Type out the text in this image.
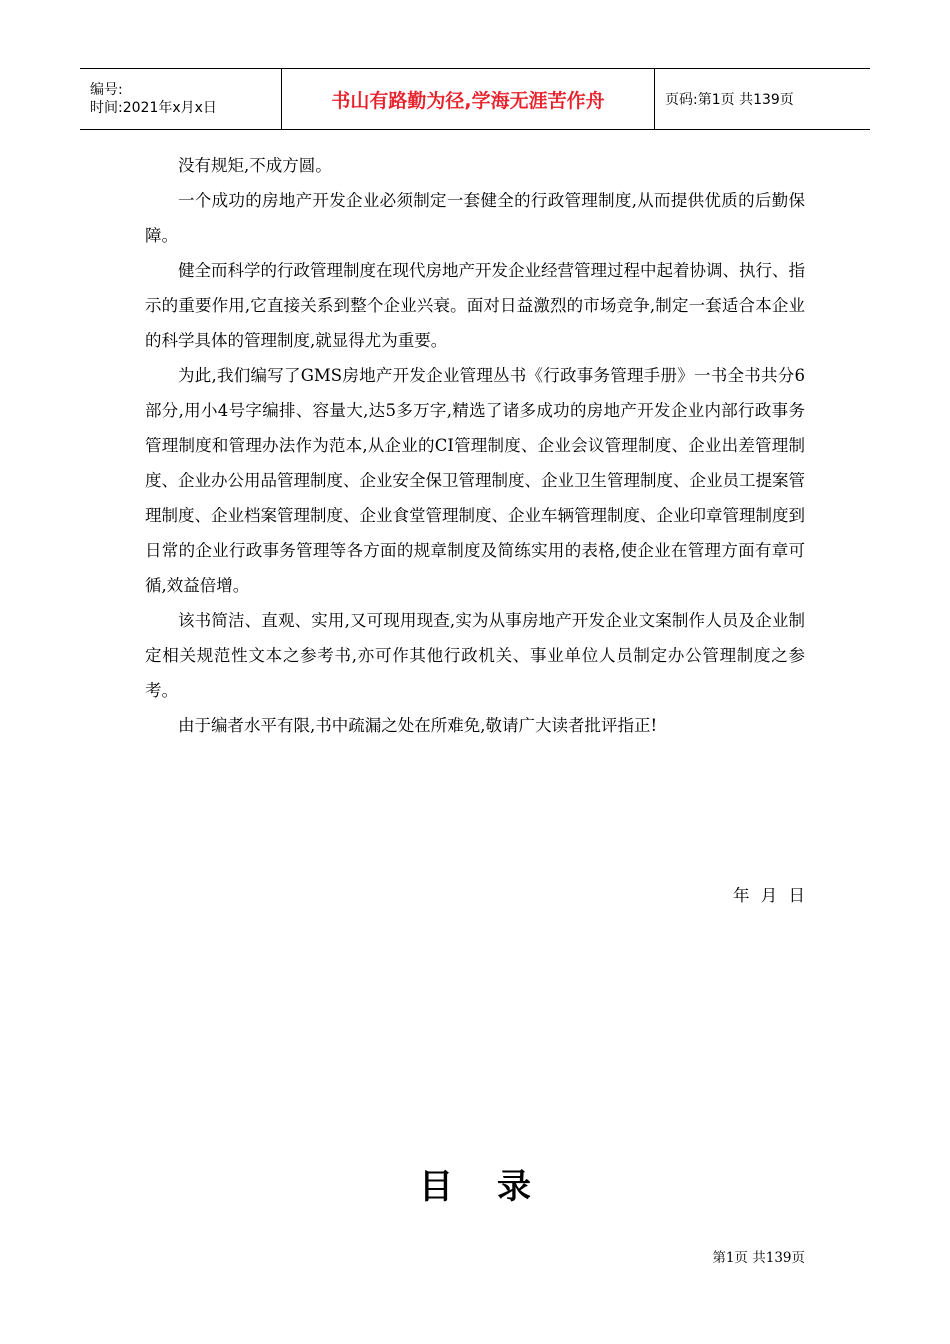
编号:
时间:2021年x月x日	书山有路勤为径,学海无涯苦作舟	页码:第1页 共139页

没有规矩,不成方圆。

一个成功的房地产开发企业必须制定一套健全的行政管理制度,从而提供优质的后勤保障。

健全而科学的行政管理制度在现代房地产开发企业经营管理过程中起着协调、执行、指示的重要作用,它直接关系到整个企业兴衰。面对日益激烈的市场竞争,制定一套适合本企业的科学具体的管理制度,就显得尤为重要。

为此,我们编写了GMS房地产开发企业管理丛书《行政事务管理手册》一书全书共分6部分,用小4号字编排、容量大,达5多万字,精选了诸多成功的房地产开发企业内部行政事务管理制度和管理办法作为范本,从企业的CI管理制度、企业会议管理制度、企业出差管理制度、企业办公用品管理制度、企业安全保卫管理制度、企业卫生管理制度、企业员工提案管理制度、企业档案管理制度、企业食堂管理制度、企业车辆管理制度、企业印章管理制度到日常的企业行政事务管理等各方面的规章制度及简练实用的表格,使企业在管理方面有章可循,效益倍增。

该书简洁、直观、实用,又可现用现查,实为从事房地产开发企业文案制作人员及企业制定相关规范性文本之参考书,亦可作其他行政机关、事业单位人员制定办公管理制度之参考。

由于编者水平有限,书中疏漏之处在所难免,敬请广大读者批评指正!

年 月 日
目录
第1页 共139页
